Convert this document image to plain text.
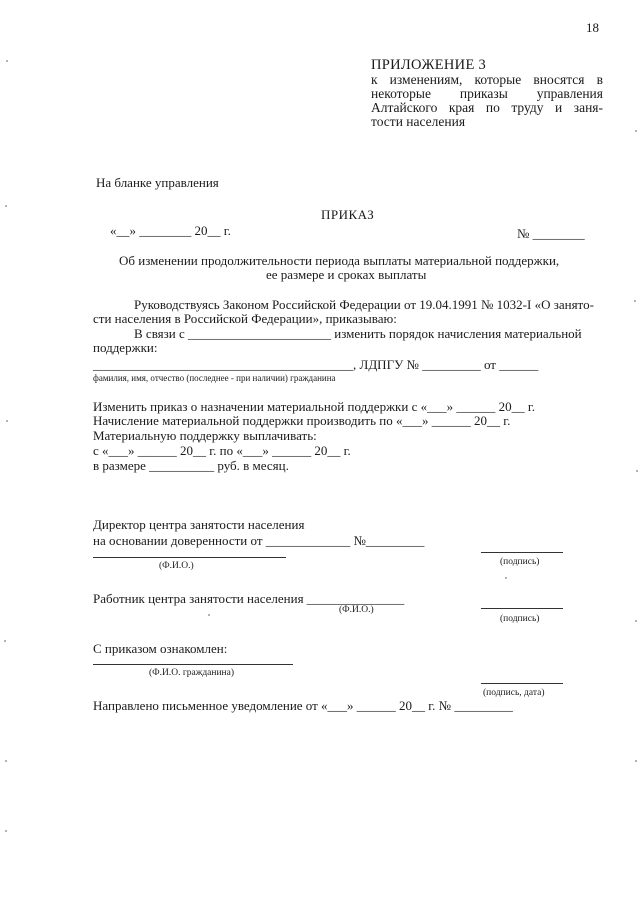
18
ПРИЛОЖЕНИЕ 3
к изменениям, которые вносятся в
некоторые приказы управления
Алтайского края по труду и заня-
тости населения
На бланке управления
ПРИКАЗ
«__» ________ 20__ г.	№ ________
Об изменении продолжительности периода выплаты материальной поддержки,
ее размере и сроках выплаты
Руководствуясь Законом Российской Федерации от 19.04.1991 № 1032-I «О занято-
сти населения в Российской Федерации», приказываю:
В связи с ______________________ изменить порядок начисления материальной
поддержки:
________________________________________, ЛДПГУ № _________ от ______
фамилия, имя, отчество (последнее - при наличии) гражданина
Изменить приказ о назначении материальной поддержки с «___» ______ 20__ г.
Начисление материальной поддержки производить по «___» ______ 20__ г.
Материальную поддержку выплачивать:
с «___» ______ 20__ г. по «___» ______ 20__ г.
в размере __________ руб. в месяц.
Директор центра занятости населения
на основании доверенности от _____________ №_________
(Ф.И.О.)	(подпись)
Работник центра занятости населения _______________
(Ф.И.О.)
(подпись)
С приказом ознакомлен:
(Ф.И.О. гражданина)
(подпись, дата)
Направлено письменное уведомление от «___» ______ 20__ г. № _________
